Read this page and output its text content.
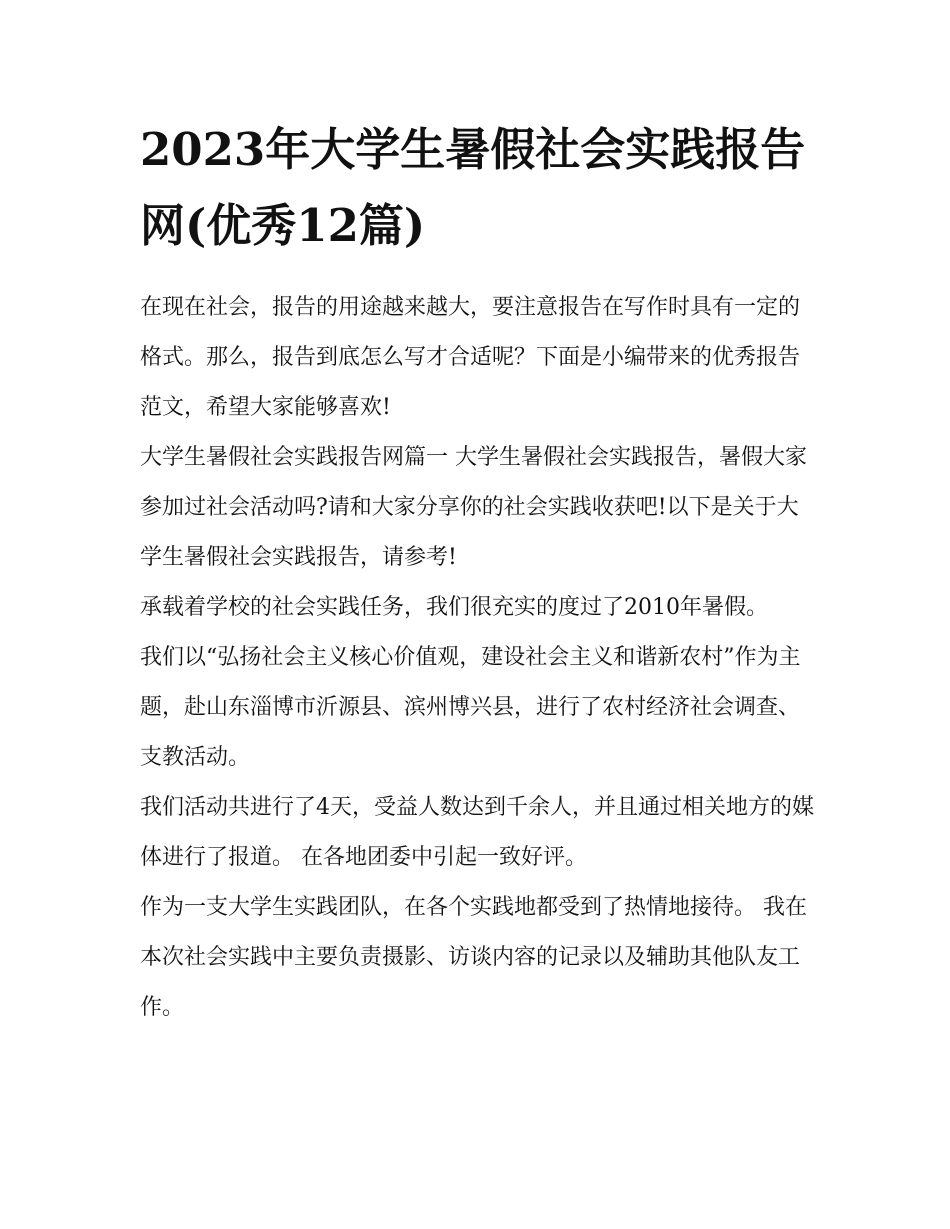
2023年大学生暑假社会实践报告网(优秀12篇)

在现在社会，报告的用途越来越大，要注意报告在写作时具有一定的格式。那么，报告到底怎么写才合适呢？下面是小编带来的优秀报告范文，希望大家能够喜欢!

大学生暑假社会实践报告网篇一 大学生暑假社会实践报告，暑假大家参加过社会活动吗?请和大家分享你的社会实践收获吧!以下是关于大学生暑假社会实践报告，请参考!

承载着学校的社会实践任务，我们很充实的度过了2010年暑假。

我们以“弘扬社会主义核心价值观，建设社会主义和谐新农村”作为主题，赴山东淄博市沂源县、滨州博兴县，进行了农村经济社会调查、支教活动。

我们活动共进行了4天，受益人数达到千余人，并且通过相关地方的媒体进行了报道。 在各地团委中引起一致好评。

作为一支大学生实践团队，在各个实践地都受到了热情地接待。 我在本次社会实践中主要负责摄影、访谈内容的记录以及辅助其他队友工作。
